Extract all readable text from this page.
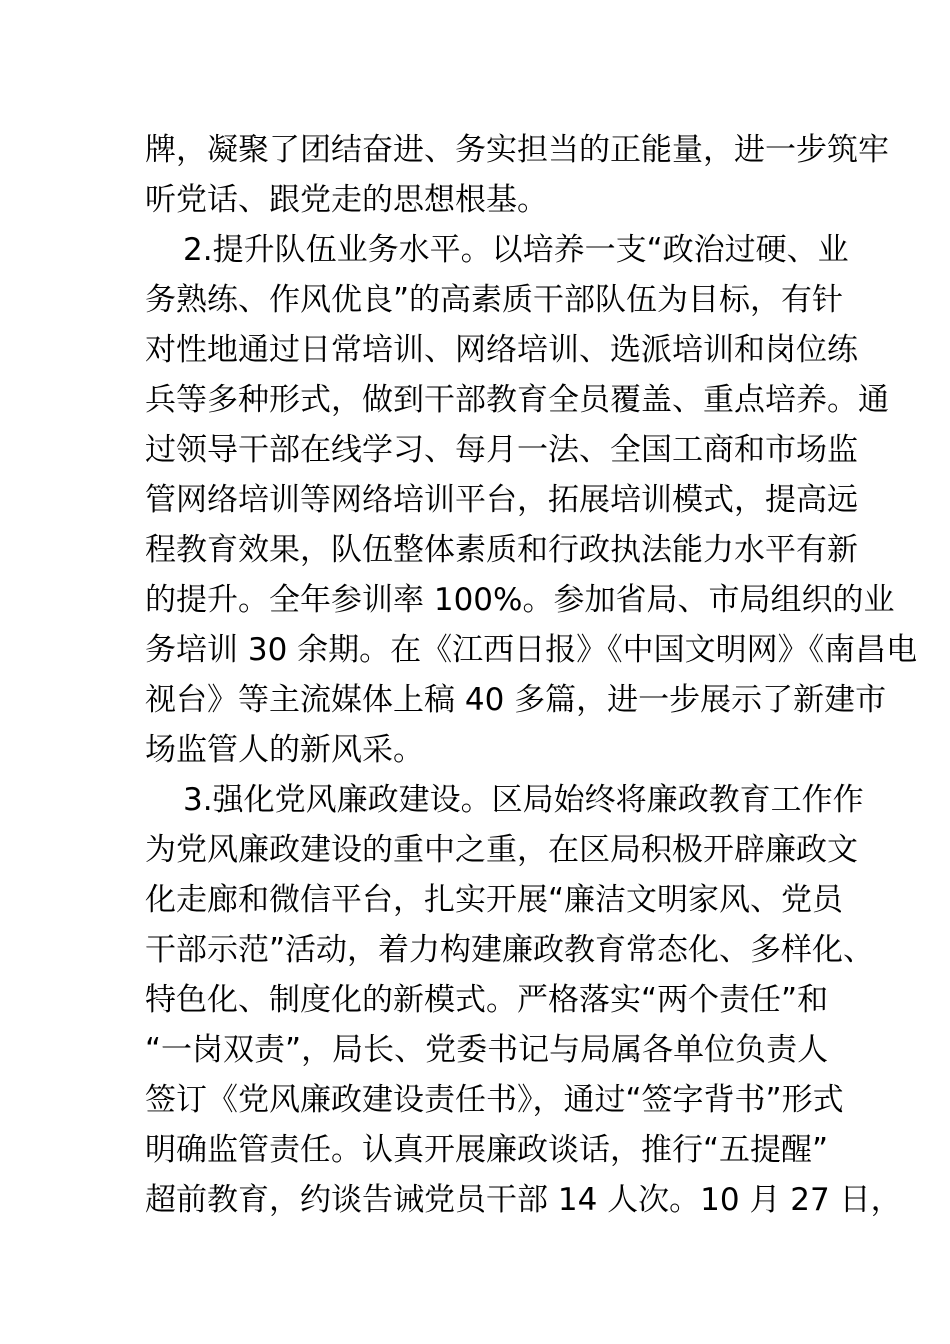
牌，凝聚了团结奋进、务实担当的正能量，进一步筑牢
听党话、跟党走的思想根基。
2.提升队伍业务水平。以培养一支“政治过硬、业
务熟练、作风优良”的高素质干部队伍为目标，有针
对性地通过日常培训、网络培训、选派培训和岗位练
兵等多种形式，做到干部教育全员覆盖、重点培养。通
过领导干部在线学习、每月一法、全国工商和市场监
管网络培训等网络培训平台，拓展培训模式，提高远
程教育效果，队伍整体素质和行政执法能力水平有新
的提升。全年参训率 100%。参加省局、市局组织的业
务培训 30 余期。在《江西日报》《中国文明网》《南昌电
视台》等主流媒体上稿 40 多篇，进一步展示了新建市
场监管人的新风采。
3.强化党风廉政建设。区局始终将廉政教育工作作
为党风廉政建设的重中之重，在区局积极开辟廉政文
化走廊和微信平台，扎实开展“廉洁文明家风、党员
干部示范”活动，着力构建廉政教育常态化、多样化、
特色化、制度化的新模式。严格落实“两个责任”和
“一岗双责”，局长、党委书记与局属各单位负责人
签订《党风廉政建设责任书》，通过“签字背书”形式
明确监管责任。认真开展廉政谈话，推行“五提醒”
超前教育，约谈告诫党员干部 14 人次。10 月 27 日，
